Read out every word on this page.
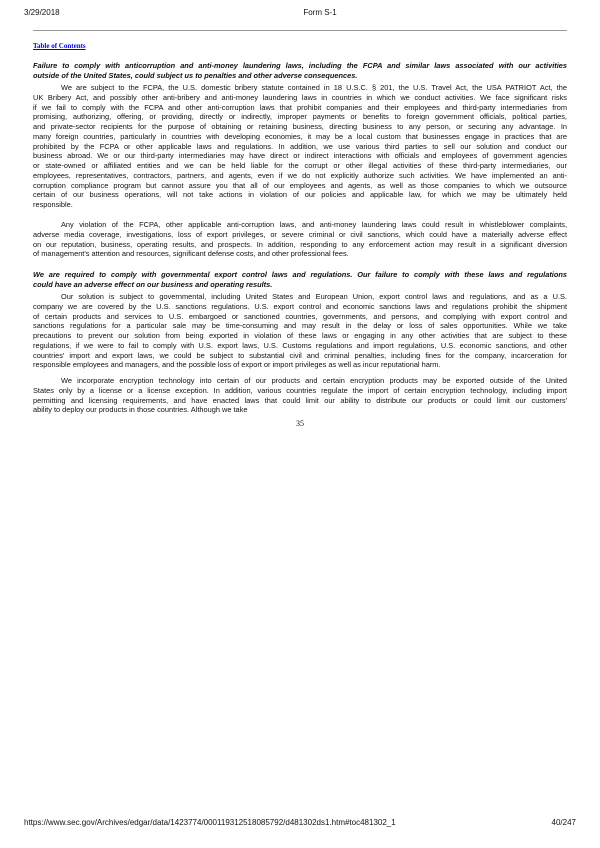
3/29/2018	Form S-1
Table of Contents
Failure to comply with anticorruption and anti-money laundering laws, including the FCPA and similar laws associated with our activities
outside of the United States, could subject us to penalties and other adverse consequences.
We are subject to the FCPA, the U.S. domestic bribery statute contained in 18 U.S.C. § 201, the U.S. Travel Act, the USA PATRIOT Act, the
UK Bribery Act, and possibly other anti-bribery and anti-money laundering laws in countries in which we conduct activities. We face significant risks
if we fail to comply with the FCPA and other anti-corruption laws that prohibit companies and their employees and third-party intermediaries from
promising, authorizing, offering, or providing, directly or indirectly, improper payments or benefits to foreign government officials, political parties,
and private-sector recipients for the purpose of obtaining or retaining business, directing business to any person, or securing any advantage. In
many foreign countries, particularly in countries with developing economies, it may be a local custom that businesses engage in practices that are
prohibited by the FCPA or other applicable laws and regulations. In addition, we use various third parties to sell our solution and conduct our
business abroad. We or our third-party intermediaries may have direct or indirect interactions with officials and employees of government agencies
or state-owned or affiliated entities and we can be held liable for the corrupt or other illegal activities of these third-party intermediaries, our
employees, representatives, contractors, partners, and agents, even if we do not explicitly authorize such activities. We have implemented an anti-
corruption compliance program but cannot assure you that all of our employees and agents, as well as those companies to which we outsource
certain of our business operations, will not take actions in violation of our policies and applicable law, for which we may be ultimately held
responsible.
Any violation of the FCPA, other applicable anti-corruption laws, and anti-money laundering laws could result in whistleblower complaints,
adverse media coverage, investigations, loss of export privileges, or severe criminal or civil sanctions, which could have a materially adverse effect
on our reputation, business, operating results, and prospects. In addition, responding to any enforcement action may result in a significant diversion
of management's attention and resources, significant defense costs, and other professional fees.
We are required to comply with governmental export control laws and regulations. Our failure to comply with these laws and regulations
could have an adverse effect on our business and operating results.
Our solution is subject to governmental, including United States and European Union, export control laws and regulations, and as a U.S.
company we are covered by the U.S. sanctions regulations. U.S. export control and economic sanctions laws and regulations prohibit the shipment
of certain products and services to U.S. embargoed or sanctioned countries, governments, and persons, and complying with export control and
sanctions regulations for a particular sale may be time-consuming and may result in the delay or loss of sales opportunities. While we take
precautions to prevent our solution from being exported in violation of these laws or engaging in any other activities that are subject to these
regulations, if we were to fail to comply with U.S. export laws, U.S. Customs regulations and import regulations, U.S. economic sanctions, and other
countries' import and export laws, we could be subject to substantial civil and criminal penalties, including fines for the company, incarceration for
responsible employees and managers, and the possible loss of export or import privileges as well as incur reputational harm.
We incorporate encryption technology into certain of our products and certain encryption products may be exported outside of the United
States only by a license or a license exception. In addition, various countries regulate the import of certain encryption technology, including import
permitting and licensing requirements, and have enacted laws that could limit our ability to distribute our products or could limit our customers'
ability to deploy our products in those countries. Although we take
35
https://www.sec.gov/Archives/edgar/data/1423774/000119312518085792/d481302ds1.htm#toc481302_1	40/247
